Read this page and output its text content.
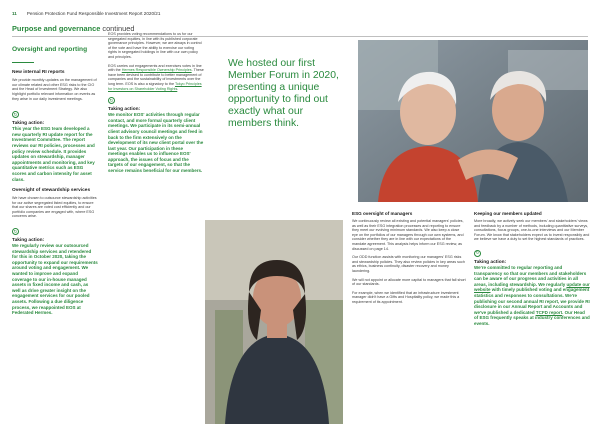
11 Pension Protection Fund Responsible Investment Report 2020/21
Purpose and governance continued
Oversight and reporting
New internal RI reports
We provide monthly updates on the management of our climate related and other ESG risks to the CIO and the Head of Investment Strategy. We also highlight portfolio relevant information on events as they arise in our daily investment meetings.
↻
Taking action:
This year the ESG team developed a new quarterly RI update report for the Investment Committee. The report reviews our RI policies, processes and policy review schedule. It provides updates on stewardship, manager appointments and monitoring, and key quantitative metrics such as ESG scores and carbon intensity for asset class.
Oversight of stewardship services
We have chosen to outsource stewardship activities for our active segregated listed equities, to ensure that our shares are voted cost efficiently and our portfolio companies are engaged with, where ESG concerns arise.
↻
Taking action:
We regularly review our outsourced stewardship services and retendered for this in October 2020, taking the opportunity to expand our requirements around voting and engagement. We wanted to improve and expand coverage to our in-house managed assets in fixed income and cash, as well as drive greater insight on the engagement services for our pooled assets. Following a due diligence process, we reappointed EOS at Federated Hermes.
EOS provides voting recommendations to us for our segregated equities, in line with its published corporate governance principles. However, we are always in control of the vote and have the ability to exercise our voting rights in segregated holdings in line with our own policy and principles.
EOS carries out engagements and exercises votes in line with the Hermes Responsible Ownership Principles. These have been devised to contribute to better management of companies and the sustainability of investments over the long term. EOS is also a signatory to the Tokyo Principles for Investors on Shareholder Voting Rights.
↻
Taking action:
We monitor EOS' activities through regular contact, and more formal quarterly client meetings. We participate in its semi-annual client advisory council meetings and feed in back to the firm extensively on the development of its new client portal over the last year. Our participation in these meetings enables us to influence EOS' approach, the issues of focus and the targets of our engagement, so that the service remains beneficial for our members.
We hosted our first Member Forum in 2020, presenting a unique opportunity to find out exactly what our members think.
ESG oversight of managers
We continuously review all existing and potential managers' policies, as well as their ESG integration processes and reporting to ensure they meet our evolving minimum standards. We also keep a close eye on the portfolios of our managers through our own systems, and consider whether they are in line with our expectations of the mandate agreement. This analysis helps inform our ESG review, as discussed on page 14.
Our ODD function assists with monitoring our managers' ESG risks and stewardship policies. They also review policies in key areas such as ethics, business continuity, disaster recovery and money laundering.
We will not appoint or allocate more capital to managers that fall short of our standards.
For example, when we identified that an infrastructure investment manager didn't have a Gifts and Hospitality policy, we made this a requirement of its appointment.
Keeping our members updated
More broadly, we actively seek our members' and stakeholders' views and feedback by a number of methods, including quantitative surveys, consultations, focus groups, one-to-one interviews and our Member Forum. We know that stakeholders expect us to invest responsibly and we believe we have a duty to set the highest standards of practices.
↻
Taking action:
We're committed to regular reporting and transparency so that our members and stakeholders can be aware of our progress and activities in all areas, including stewardship. We regularly update our website with timely published voting and engagement statistics and responses to consultations. We're publishing our second annual RI report, we provide RI disclosure in our Annual Report and Accounts and we've published a dedicated TCFD report. Our Head of ESG frequently speaks at industry conferences and events.
